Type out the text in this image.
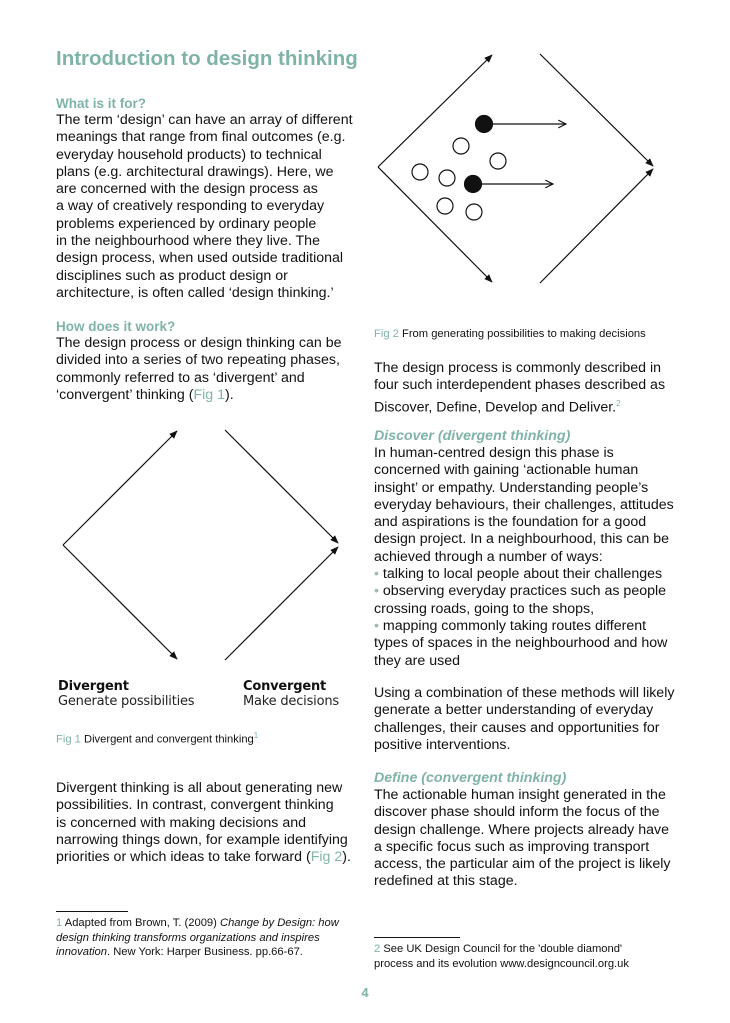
Introduction to design thinking
What is it for?

The term ‘design’ can have an array of different

meanings that range from final outcomes (e.g.

everyday household products) to technical

plans (e.g. architectural drawings). Here, we

are concerned with the design process as

a way of creatively responding to everyday

problems experienced by ordinary people

in the neighbourhood where they live. The

design process, when used outside traditional

disciplines such as product design or

architecture, is often called ‘design thinking.’

How does it work?

The design process or design thinking can be

divided into a series of two repeating phases,

commonly referred to as ‘divergent’ and

‘convergent’ thinking (Fig 1).

Divergent

Generate possibilities

Convergent

Make decisions

Fig 1 Divergent and convergent thinking$^1$

Divergent thinking is all about generating new

possibilities. In contrast, convergent thinking

is concerned with making decisions and

narrowing things down, for example identifying

priorities or which ideas to take forward (Fig 2).

1 Adapted from Brown, T. (2009) Change by Design: how design thinking transforms organizations and inspires innovation. New York: Harper Business. pp.66-67.

Fig 2 From generating possibilities to making decisions

The design process is commonly described in

four such interdependent phases described as

Discover, Define, Develop and Deliver.$^2$

Discover (divergent thinking)

In human-centred design this phase is

concerned with gaining ‘actionable human

insight’ or empathy. Understanding people’s

everyday behaviours, their challenges, attitudes

and aspirations is the foundation for a good

design project. In a neighbourhood, this can be

achieved through a number of ways:

• talking to local people about their challenges

• observing everyday practices such as people

crossing roads, going to the shops,

• mapping commonly taking routes different

types of spaces in the neighbourhood and how

they are used

Using a combination of these methods will likely

generate a better understanding of everyday

challenges, their causes and opportunities for

positive interventions.

Define (convergent thinking)

The actionable human insight generated in the

discover phase should inform the focus of the

design challenge. Where projects already have

a specific focus such as improving transport

access, the particular aim of the project is likely

redefined at this stage.

2 See UK Design Council for the 'double diamond'

process and its evolution www.designcouncil.org.uk

4
